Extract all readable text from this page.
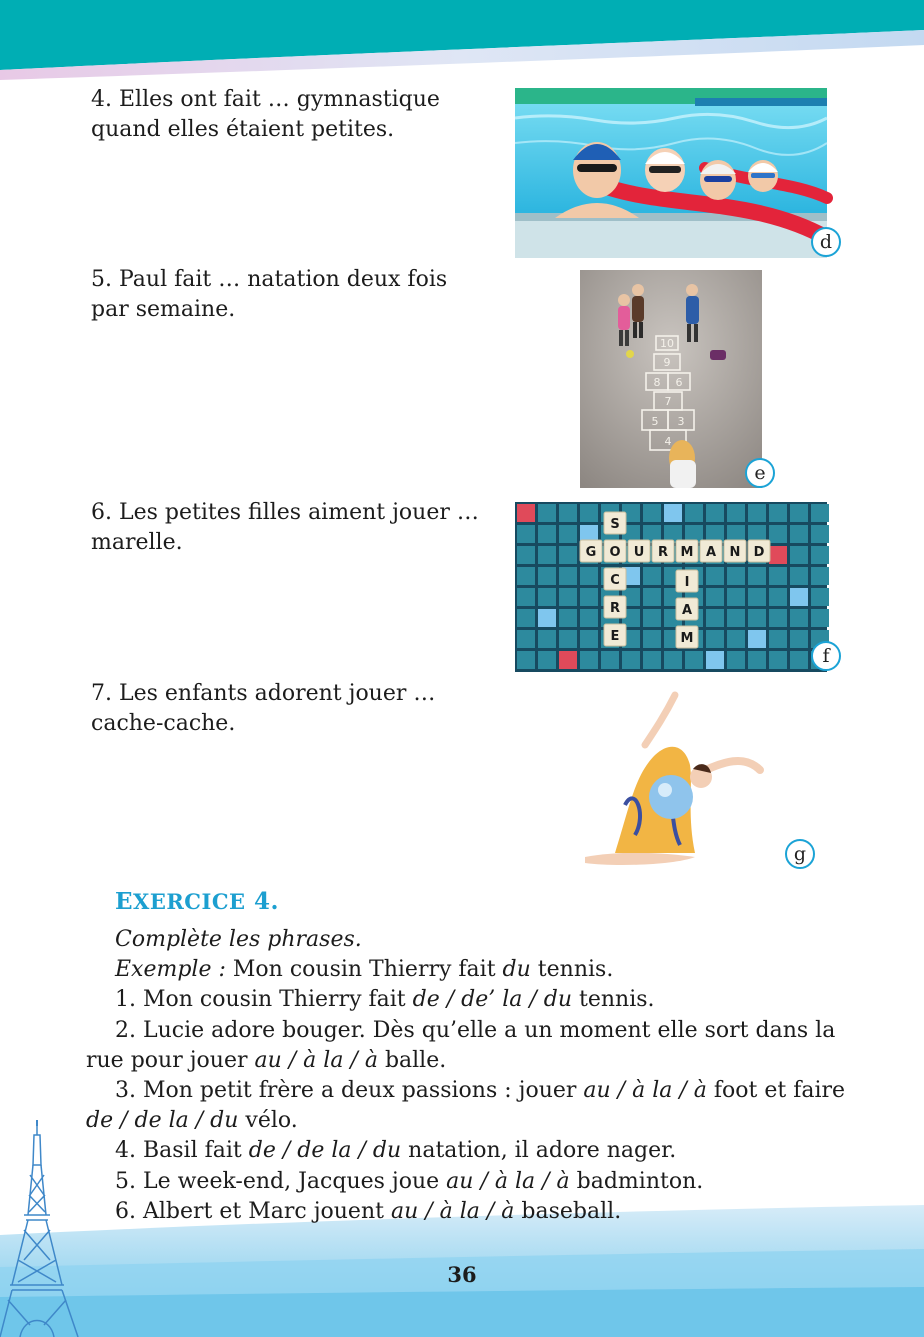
4. Elles ont fait … gymnastique
quand elles étaient petites.

5. Paul fait … natation deux fois
par semaine.

6. Les petites filles aiment jouer …
marelle.

7. Les enfants adorent jouer …
cache-cache.

d
10
9
8 6
7
5 3
4
e
G O U R M A N D
S
C
R
E
I
A
M
f
g
EXERCICE 4.

Complète les phrases.

Exemple : Mon cousin Thierry fait du tennis.

1. Mon cousin Thierry fait de / de’ la / du tennis.

2. Lucie adore bouger. Dès qu’elle a un moment elle sort dans la rue pour jouer au / à la / à balle.

3. Mon petit frère a deux passions : jouer au / à la / à foot et faire de / de la / du vélo.

4. Basil fait de / de la / du natation, il adore nager.

5. Le week-end, Jacques joue au / à la / à badminton.

6. Albert et Marc jouent au / à la / à baseball.

36
